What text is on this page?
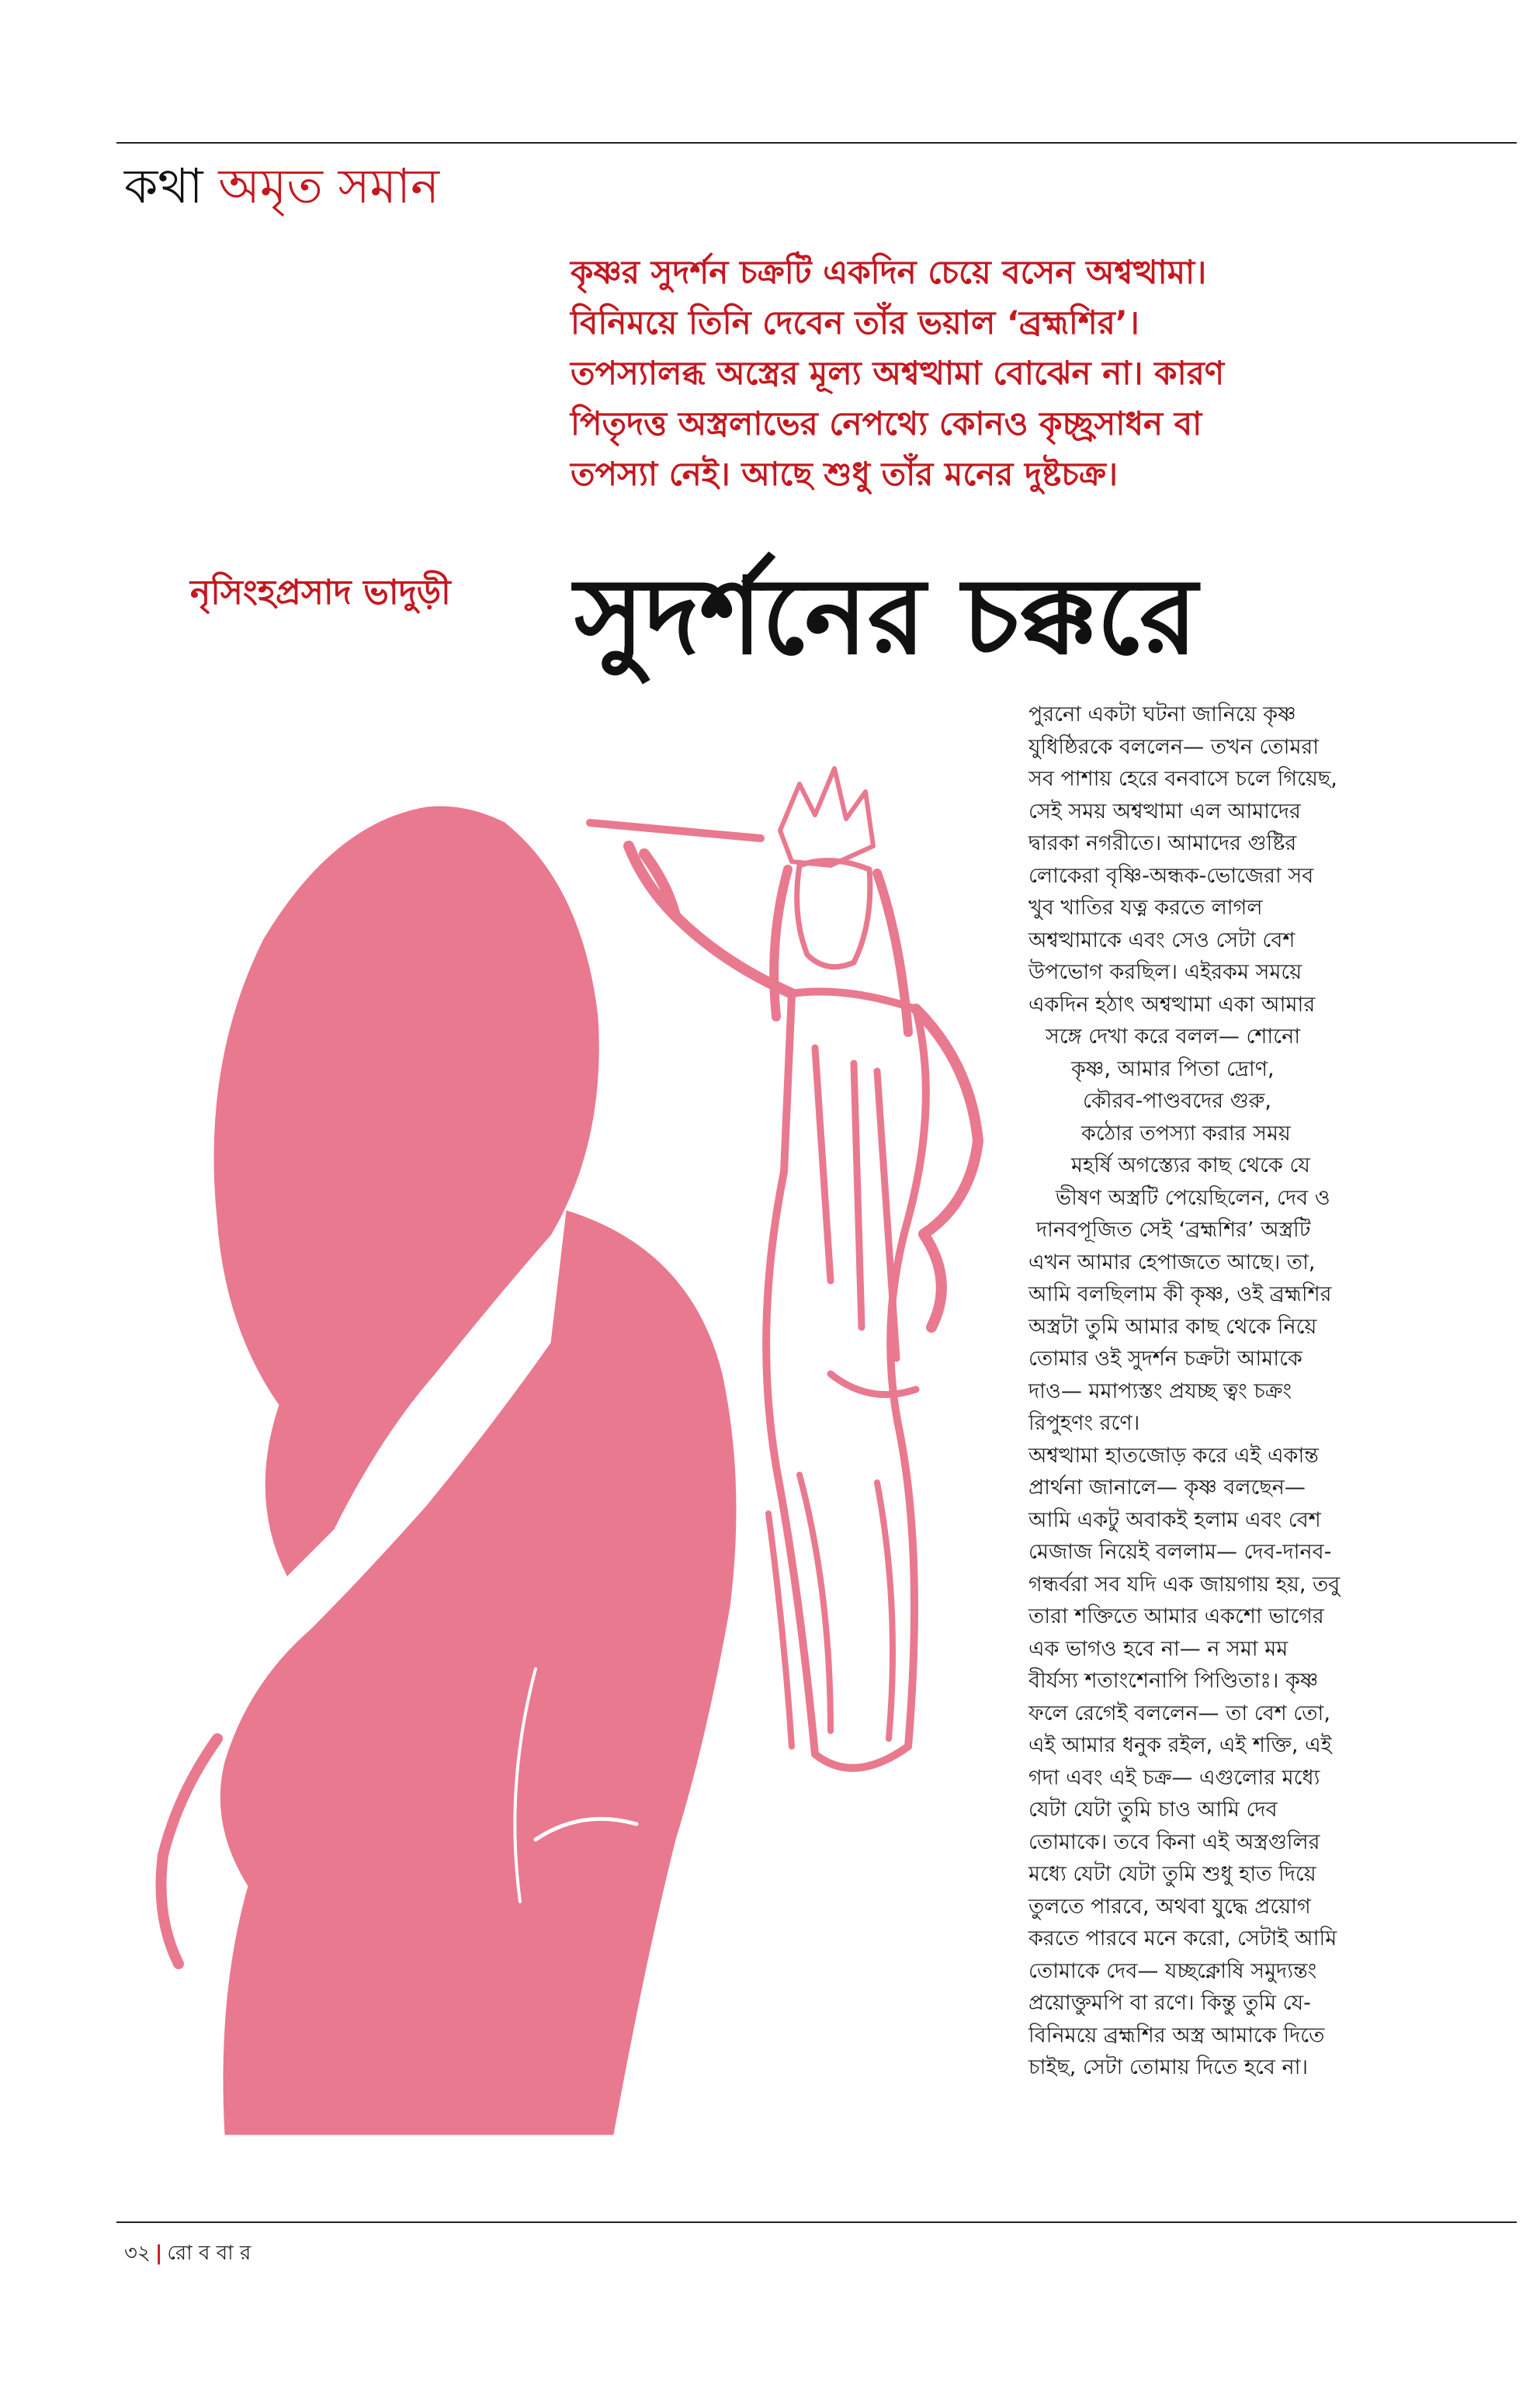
কথা অমৃত সমান
কৃষ্ণর সুদর্শন চক্রটি একদিন চেয়ে বসেন অশ্বত্থামা।
বিনিময়ে তিনি দেবেন তাঁর ভয়াল ‘ব্রহ্মশির’।
তপস্যালব্ধ অস্ত্রের মূল্য অশ্বত্থামা বোঝেন না। কারণ
পিতৃদত্ত অস্ত্রলাভের নেপথ্যে কোনও কৃচ্ছ্রসাধন বা
তপস্যা নেই। আছে শুধু তাঁর মনের দুষ্টচক্র।
নৃসিংহপ্রসাদ ভাদুড়ী সুদর্শনের চক্করে
পুরনো একটা ঘটনা জানিয়ে কৃষ্ণ
যুধিষ্ঠিরকে বললেন— তখন তোমরা
সব পাশায় হেরে বনবাসে চলে গিয়েছ,
সেই সময় অশ্বত্থামা এল আমাদের
দ্বারকা নগরীতে। আমাদের গুষ্টির
লোকেরা বৃষ্ণি-অন্ধক-ভোজেরা সব
খুব খাতির যত্ন করতে লাগল
অশ্বত্থামাকে এবং সেও সেটা বেশ
উপভোগ করছিল। এইরকম সময়ে
একদিন হঠাৎ অশ্বত্থামা একা আমার
সঙ্গে দেখা করে বলল— শোনো
কৃষ্ণ, আমার পিতা দ্রোণ,
কৌরব-পাণ্ডবদের গুরু,
কঠোর তপস্যা করার সময়
মহর্ষি অগস্ত্যের কাছ থেকে যে
ভীষণ অস্ত্রটি পেয়েছিলেন, দেব ও
দানবপূজিত সেই ‘ব্রহ্মশির’ অস্ত্রটি
এখন আমার হেপাজতে আছে। তা,
আমি বলছিলাম কী কৃষ্ণ, ওই ব্রহ্মশির
অস্ত্রটা তুমি আমার কাছ থেকে নিয়ে
তোমার ওই সুদর্শন চক্রটা আমাকে
দাও— মমাপ্যস্তং প্রযচ্ছ ত্বং চক্রং
রিপুহণং রণে।
অশ্বত্থামা হাতজোড় করে এই একান্ত
প্রার্থনা জানালে— কৃষ্ণ বলছেন—
আমি একটু অবাকই হলাম এবং বেশ
মেজাজ নিয়েই বললাম— দেব-দানব-
গন্ধর্বরা সব যদি এক জায়গায় হয়, তবু
তারা শক্তিতে আমার একশো ভাগের
এক ভাগও হবে না— ন সমা মম
বীর্যস্য শতাংশেনাপি পিণ্ডিতাঃ। কৃষ্ণ
ফলে রেগেই বললেন— তা বেশ তো,
এই আমার ধনুক রইল, এই শক্তি, এই
গদা এবং এই চক্র— এগুলোর মধ্যে
যেটা যেটা তুমি চাও আমি দেব
তোমাকে। তবে কিনা এই অস্ত্রগুলির
মধ্যে যেটা যেটা তুমি শুধু হাত দিয়ে
তুলতে পারবে, অথবা যুদ্ধে প্রয়োগ
করতে পারবে মনে করো, সেটাই আমি
তোমাকে দেব— যচ্ছক্নোষি সমুদ্যন্তং
প্রয়োক্তুমপি বা রণে। কিন্তু তুমি যে-
বিনিময়ে ব্রহ্মশির অস্ত্র আমাকে দিতে
চাইছ, সেটা তোমায় দিতে হবে না।
৩২ | রো ব বা র
